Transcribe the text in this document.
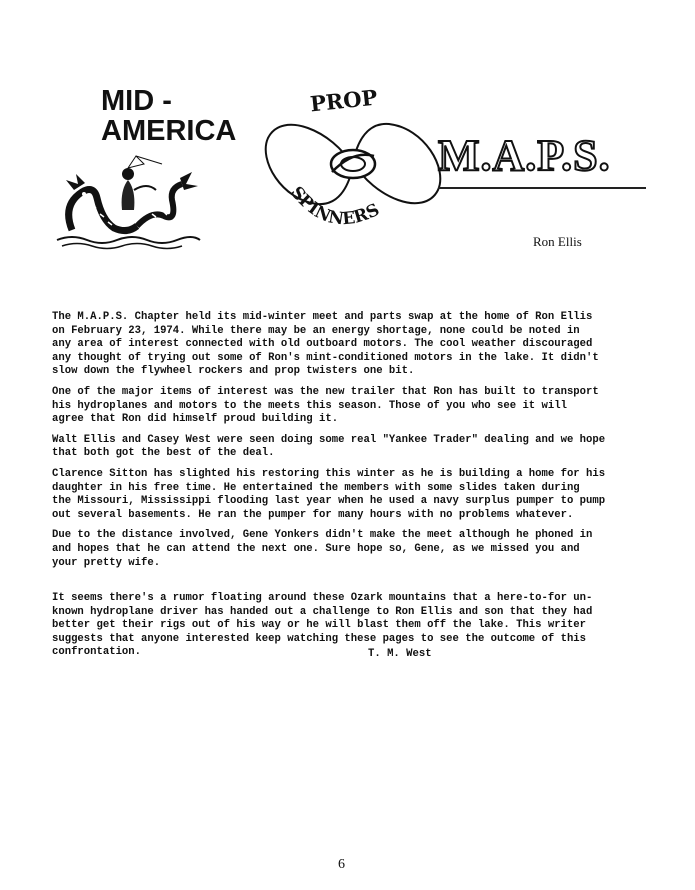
MID -
AMERICA
PROP
SPINNERS
M.A.P.S.
Ron Ellis

The M.A.P.S. Chapter held its mid-winter meet and parts swap at the home of Ron Ellis
on February 23, 1974. While there may be an energy shortage, none could be noted in
any area of interest connected with old outboard motors. The cool weather discouraged
any thought of trying out some of Ron's mint-conditioned motors in the lake. It didn't
slow down the flywheel rockers and prop twisters one bit.

One of the major items of interest was the new trailer that Ron has built to transport
his hydroplanes and motors to the meets this season. Those of you who see it will
agree that Ron did himself proud building it.

Walt Ellis and Casey West were seen doing some real "Yankee Trader" dealing and we hope
that both got the best of the deal.

Clarence Sitton has slighted his restoring this winter as he is building a home for his
daughter in his free time. He entertained the members with some slides taken during
the Missouri, Mississippi flooding last year when he used a navy surplus pumper to pump
out several basements. He ran the pumper for many hours with no problems whatever.

Due to the distance involved, Gene Yonkers didn't make the meet although he phoned in
and hopes that he can attend the next one. Sure hope so, Gene, as we missed you and
your pretty wife.

It seems there's a rumor floating around these Ozark mountains that a here-to-for un-
known hydroplane driver has handed out a challenge to Ron Ellis and son that they had
better get their rigs out of his way or he will blast them off the lake. This writer
suggests that anyone interested keep watching these pages to see the outcome of this
confrontation.	T. M. West
6
